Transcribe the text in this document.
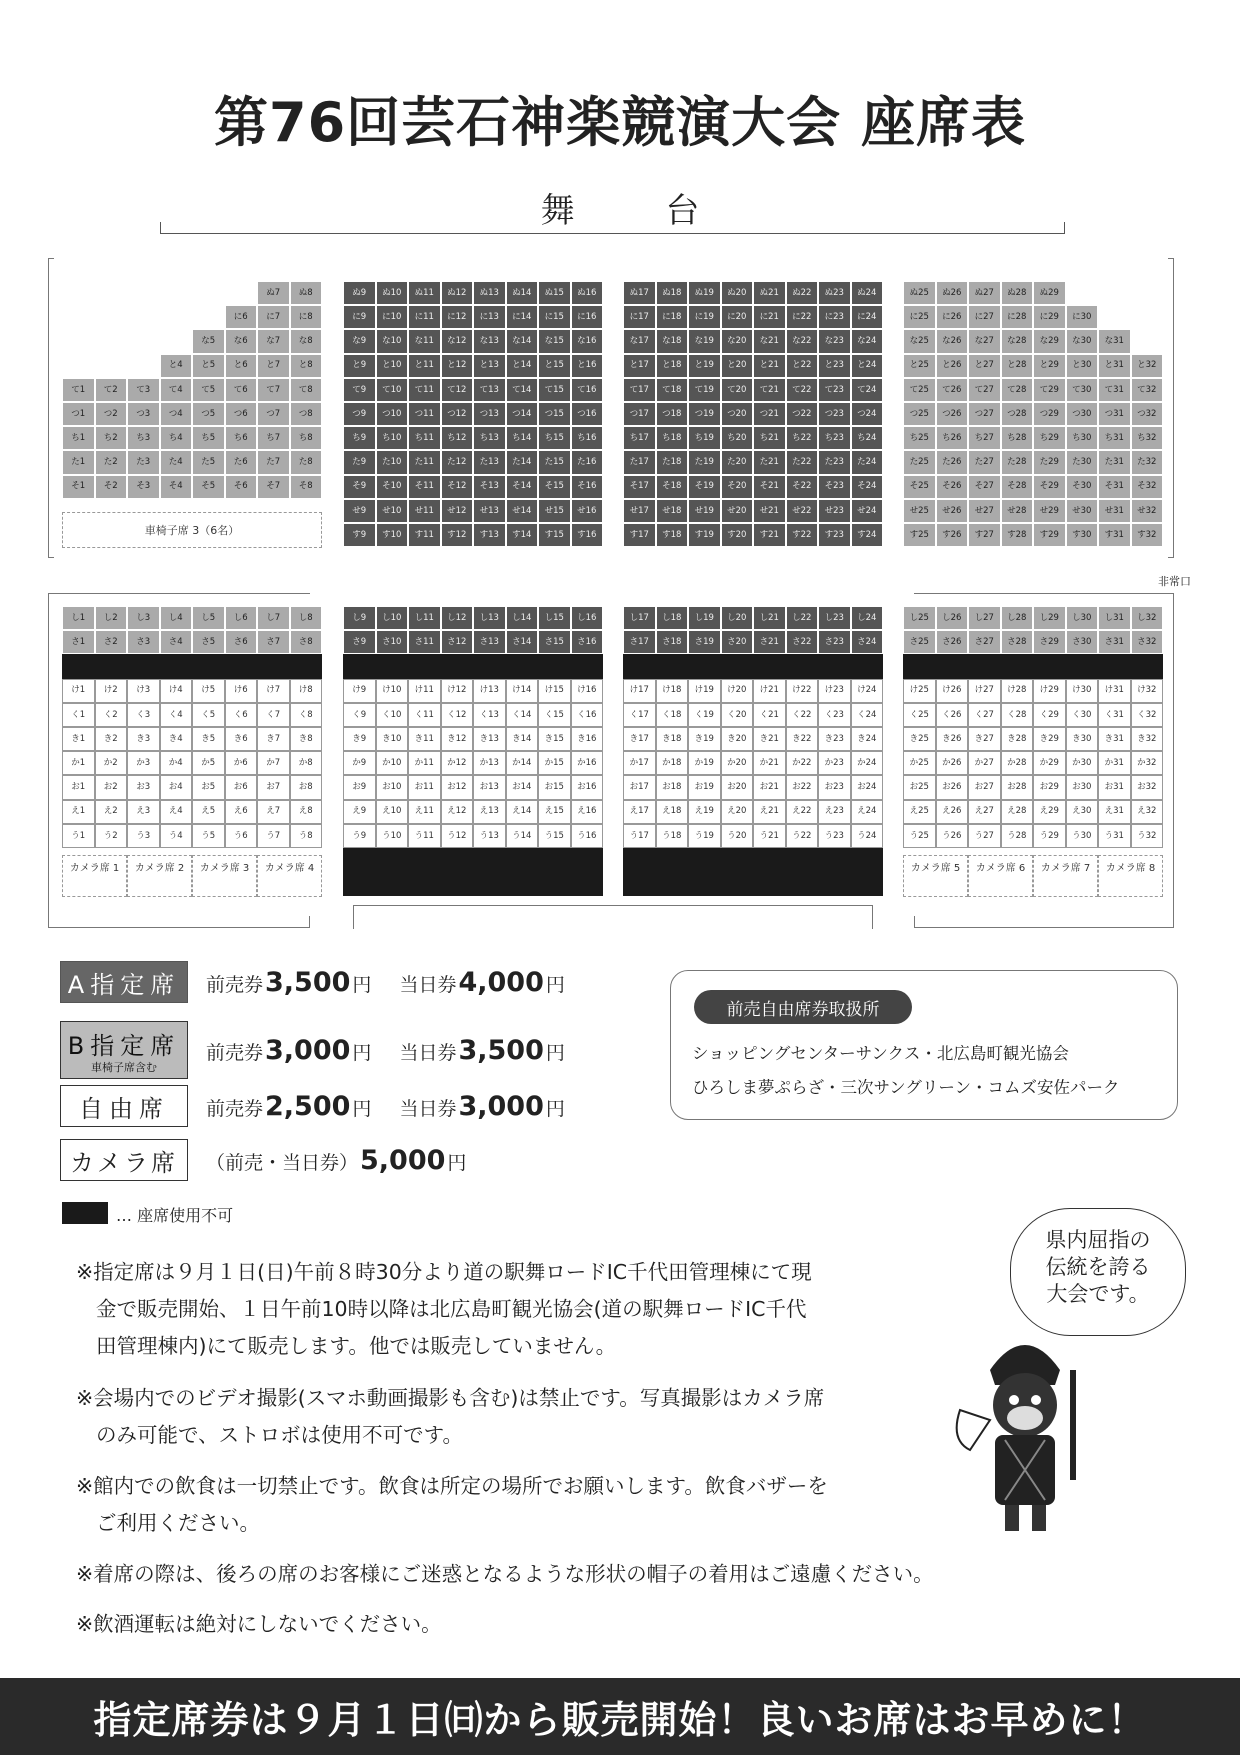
第76回芸石神楽競演大会 座席表
舞 台
ぬ7	ぬ8	ぬ9	ぬ10	ぬ11	ぬ12	ぬ13	ぬ14	ぬ15	ぬ16	ぬ17	ぬ18	ぬ19	ぬ20	ぬ21	ぬ22	ぬ23	ぬ24	ぬ25	ぬ26	ぬ27	ぬ28	ぬ29
に6	に7	に8	に9	に10	に11	に12	に13	に14	に15	に16	に17	に18	に19	に20	に21	に22	に23	に24	に25	に26	に27	に28	に29	に30
な5	な6	な7	な8	な9	な10	な11	な12	な13	な14	な15	な16	な17	な18	な19	な20	な21	な22	な23	な24	な25	な26	な27	な28	な29	な30	な31
と4	と5	と6	と7	と8	と9	と10	と11	と12	と13	と14	と15	と16	と17	と18	と19	と20	と21	と22	と23	と24	と25	と26	と27	と28	と29	と30	と31	と32
て1	て2	て3	て4	て5	て6	て7	て8	て9	て10	て11	て12	て13	て14	て15	て16	て17	て18	て19	て20	て21	て22	て23	て24	て25	て26	て27	て28	て29	て30	て31	て32
つ1	つ2	つ3	つ4	つ5	つ6	つ7	つ8	つ9	つ10	つ11	つ12	つ13	つ14	つ15	つ16	つ17	つ18	つ19	つ20	つ21	つ22	つ23	つ24	つ25	つ26	つ27	つ28	つ29	つ30	つ31	つ32
ち1	ち2	ち3	ち4	ち5	ち6	ち7	ち8	ち9	ち10	ち11	ち12	ち13	ち14	ち15	ち16	ち17	ち18	ち19	ち20	ち21	ち22	ち23	ち24	ち25	ち26	ち27	ち28	ち29	ち30	ち31	ち32
た1	た2	た3	た4	た5	た6	た7	た8	た9	た10	た11	た12	た13	た14	た15	た16	た17	た18	た19	た20	た21	た22	た23	た24	た25	た26	た27	た28	た29	た30	た31	た32
そ1	そ2	そ3	そ4	そ5	そ6	そ7	そ8	そ9	そ10	そ11	そ12	そ13	そ14	そ15	そ16	そ17	そ18	そ19	そ20	そ21	そ22	そ23	そ24	そ25	そ26	そ27	そ28	そ29	そ30	そ31	そ32
せ9	せ10	せ11	せ12	せ13	せ14	せ15	せ16	せ17	せ18	せ19	せ20	せ21	せ22	せ23	せ24	せ25	せ26	せ27	せ28	せ29	せ30	せ31	せ32
す9	す10	す11	す12	す13	す14	す15	す16	す17	す18	す19	す20	す21	す22	す23	す24	す25	す26	す27	す28	す29	す30	す31	す32
し1	し2	し3	し4	し5	し6	し7	し8	し9	し10	し11	し12	し13	し14	し15	し16	し17	し18	し19	し20	し21	し22	し23	し24	し25	し26	し27	し28	し29	し30	し31	し32
さ1	さ2	さ3	さ4	さ5	さ6	さ7	さ8	さ9	さ10	さ11	さ12	さ13	さ14	さ15	さ16	さ17	さ18	さ19	さ20	さ21	さ22	さ23	さ24	さ25	さ26	さ27	さ28	さ29	さ30	さ31	さ32
け1	け2	け3	け4	け5	け6	け7	け8	け9	け10	け11	け12	け13	け14	け15	け16	け17	け18	け19	け20	け21	け22	け23	け24	け25	け26	け27	け28	け29	け30	け31	け32
く1	く2	く3	く4	く5	く6	く7	く8	く9	く10	く11	く12	く13	く14	く15	く16	く17	く18	く19	く20	く21	く22	く23	く24	く25	く26	く27	く28	く29	く30	く31	く32
き1	き2	き3	き4	き5	き6	き7	き8	き9	き10	き11	き12	き13	き14	き15	き16	き17	き18	き19	き20	き21	き22	き23	き24	き25	き26	き27	き28	き29	き30	き31	き32
か1	か2	か3	か4	か5	か6	か7	か8	か9	か10	か11	か12	か13	か14	か15	か16	か17	か18	か19	か20	か21	か22	か23	か24	か25	か26	か27	か28	か29	か30	か31	か32
お1	お2	お3	お4	お5	お6	お7	お8	お9	お10	お11	お12	お13	お14	お15	お16	お17	お18	お19	お20	お21	お22	お23	お24	お25	お26	お27	お28	お29	お30	お31	お32
え1	え2	え3	え4	え5	え6	え7	え8	え9	え10	え11	え12	え13	え14	え15	え16	え17	え18	え19	え20	え21	え22	え23	え24	え25	え26	え27	え28	え29	え30	え31	え32
う1	う2	う3	う4	う5	う6	う7	う8	う9	う10	う11	う12	う13	う14	う15	う16	う17	う18	う19	う20	う21	う22	う23	う24	う25	う26	う27	う28	う29	う30	う31	う32
車椅子席 3（6名）
非常口
カメラ席 1	カメラ席 2	カメラ席 3	カメラ席 4	カメラ席 5	カメラ席 6	カメラ席 7	カメラ席 8
A指定席 前売券 3,500 円 当日券 4,000 円
B指定席
車椅子席含む
前売券 3,000 円 当日券 3,500 円
自由席 前売券 2,500 円 当日券 3,000 円
カメラ席 （前売・当日券） 5,000 円
前売自由席券取扱所
ショッピングセンターサンクス・北広島町観光協会
ひろしま夢ぷらざ・三次サングリーン・コムズ安佐パーク
… 座席使用不可
※指定席は９月１日(日)午前８時30分より道の駅舞ロードIC千代田管理棟にて現
金で販売開始、１日午前10時以降は北広島町観光協会(道の駅舞ロードIC千代
田管理棟内)にて販売します。他では販売していません。
※会場内でのビデオ撮影(スマホ動画撮影も含む)は禁止です。写真撮影はカメラ席
のみ可能で、ストロボは使用不可です。
※館内での飲食は一切禁止です。飲食は所定の場所でお願いします。飲食バザーを
ご利用ください。
※着席の際は、後ろの席のお客様にご迷惑となるような形状の帽子の着用はご遠慮ください。
※飲酒運転は絶対にしないでください。
県内屈指の
伝統を誇る
大会です。
指定席券は９月１日㈰から販売開始！良いお席はお早めに！
